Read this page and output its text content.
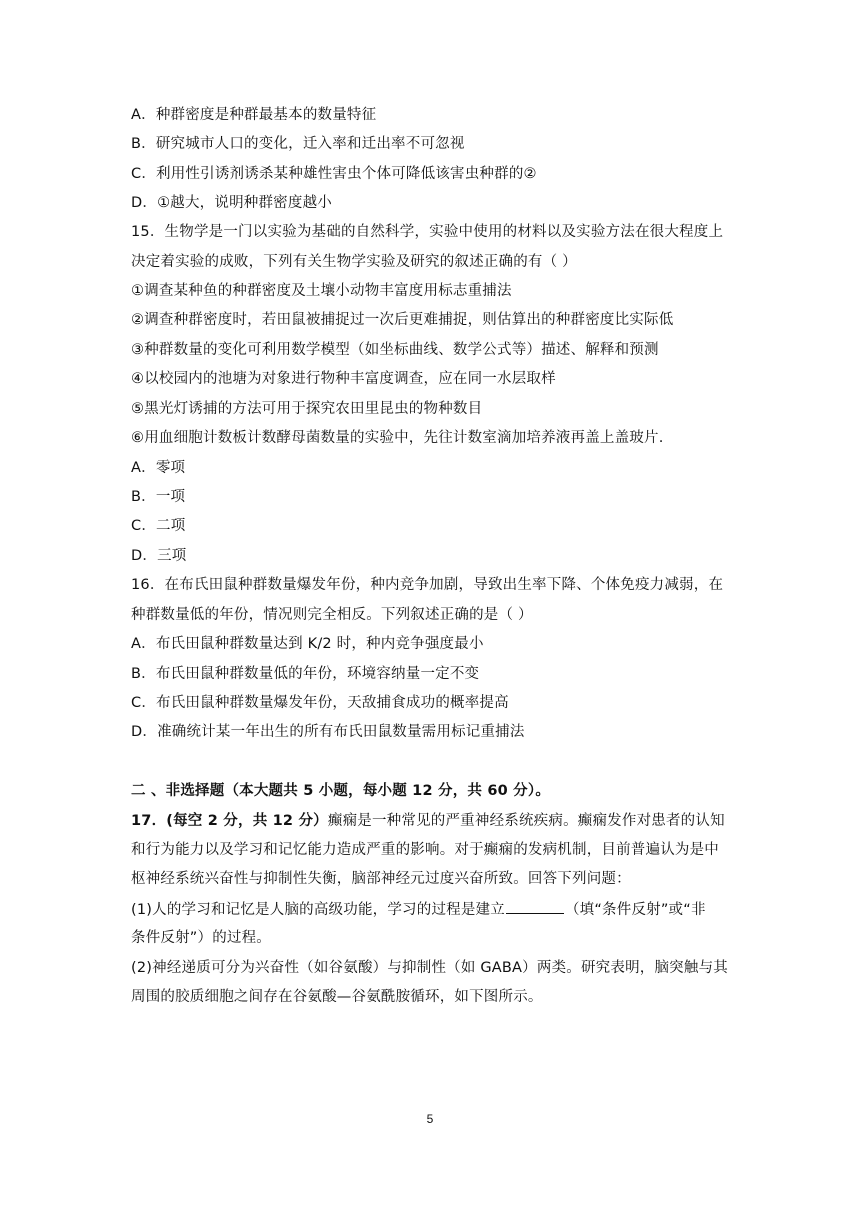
A．种群密度是种群最基本的数量特征
B．研究城市人口的变化，迁入率和迁出率不可忽视
C．利用性引诱剂诱杀某种雄性害虫个体可降低该害虫种群的②
D．①越大，说明种群密度越小
15．生物学是一门以实验为基础的自然科学，实验中使用的材料以及实验方法在很大程度上
决定着实验的成败，下列有关生物学实验及研究的叙述正确的有（ ）
①调查某种鱼的种群密度及土壤小动物丰富度用标志重捕法
②调查种群密度时，若田鼠被捕捉过一次后更难捕捉，则估算出的种群密度比实际低
③种群数量的变化可利用数学模型（如坐标曲线、数学公式等）描述、解释和预测
④以校园内的池塘为对象进行物种丰富度调查，应在同一水层取样
⑤黑光灯诱捕的方法可用于探究农田里昆虫的物种数目
⑥用血细胞计数板计数酵母菌数量的实验中，先往计数室滴加培养液再盖上盖玻片.
A．零项
B．一项
C．二项
D．三项
16．在布氏田鼠种群数量爆发年份，种内竞争加剧，导致出生率下降、个体免疫力减弱，在
种群数量低的年份，情况则完全相反。下列叙述正确的是（ ）
A．布氏田鼠种群数量达到 K/2 时，种内竞争强度最小
B．布氏田鼠种群数量低的年份，环境容纳量一定不变
C．布氏田鼠种群数量爆发年份，天敌捕食成功的概率提高
D．准确统计某一年出生的所有布氏田鼠数量需用标记重捕法
二 、非选择题（本大题共 5 小题，每小题 12 分，共 60 分）。
17．(每空 2 分，共 12 分）癫痫是一种常见的严重神经系统疾病。癫痫发作对患者的认知
和行为能力以及学习和记忆能力造成严重的影响。对于癫痫的发病机制，目前普遍认为是中
枢神经系统兴奋性与抑制性失衡，脑部神经元过度兴奋所致。回答下列问题：
(1)人的学习和记忆是人脑的高级功能，学习的过程是建立	（填“条件反射”或“非
条件反射”）的过程。
(2)神经递质可分为兴奋性（如谷氨酸）与抑制性（如 GABA）两类。研究表明，脑突触与其
周围的胶质细胞之间存在谷氨酸—谷氨酰胺循环，如下图所示。
5
